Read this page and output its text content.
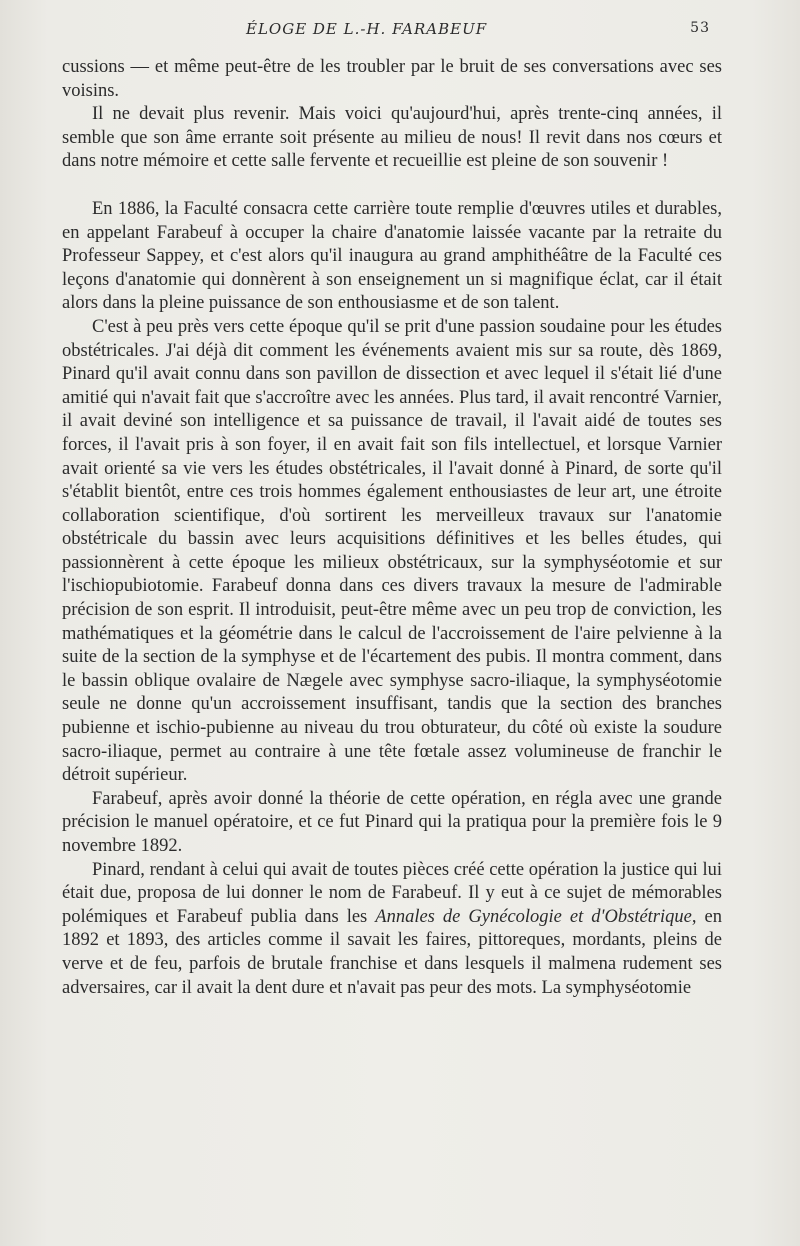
ÉLOGE DE L.-H. FARABEUF	53

cussions — et même peut-être de les troubler par le bruit de ses conversations avec ses voisins.

Il ne devait plus revenir. Mais voici qu'aujourd'hui, après trente-cinq années, il semble que son âme errante soit présente au milieu de nous! Il revit dans nos cœurs et dans notre mémoire et cette salle fervente et recueillie est pleine de son souvenir !

En 1886, la Faculté consacra cette carrière toute remplie d'œuvres utiles et durables, en appelant Farabeuf à occuper la chaire d'anatomie laissée vacante par la retraite du Professeur Sappey, et c'est alors qu'il inaugura au grand amphithéâtre de la Faculté ces leçons d'anatomie qui donnèrent à son enseignement un si magnifique éclat, car il était alors dans la pleine puissance de son enthousiasme et de son talent.

C'est à peu près vers cette époque qu'il se prit d'une passion soudaine pour les études obstétricales. J'ai déjà dit comment les événements avaient mis sur sa route, dès 1869, Pinard qu'il avait connu dans son pavillon de dissection et avec lequel il s'était lié d'une amitié qui n'avait fait que s'accroître avec les années. Plus tard, il avait rencontré Varnier, il avait deviné son intelligence et sa puissance de travail, il l'avait aidé de toutes ses forces, il l'avait pris à son foyer, il en avait fait son fils intellectuel, et lorsque Varnier avait orienté sa vie vers les études obstétricales, il l'avait donné à Pinard, de sorte qu'il s'établit bientôt, entre ces trois hommes également enthousiastes de leur art, une étroite collaboration scientifique, d'où sortirent les merveilleux travaux sur l'anatomie obstétricale du bassin avec leurs acquisitions définitives et les belles études, qui passionnèrent à cette époque les milieux obstétricaux, sur la symphyséotomie et sur l'ischiopubiotomie. Farabeuf donna dans ces divers travaux la mesure de l'admirable précision de son esprit. Il introduisit, peut-être même avec un peu trop de conviction, les mathématiques et la géométrie dans le calcul de l'accroissement de l'aire pelvienne à la suite de la section de la symphyse et de l'écartement des pubis. Il montra comment, dans le bassin oblique ovalaire de Nægele avec symphyse sacro-iliaque, la symphyséotomie seule ne donne qu'un accroissement insuffisant, tandis que la section des branches pubienne et ischio-pubienne au niveau du trou obturateur, du côté où existe la soudure sacro-iliaque, permet au contraire à une tête fœtale assez volumineuse de franchir le détroit supérieur.

Farabeuf, après avoir donné la théorie de cette opération, en régla avec une grande précision le manuel opératoire, et ce fut Pinard qui la pratiqua pour la première fois le 9 novembre 1892.

Pinard, rendant à celui qui avait de toutes pièces créé cette opération la justice qui lui était due, proposa de lui donner le nom de Farabeuf. Il y eut à ce sujet de mémorables polémiques et Farabeuf publia dans les Annales de Gynécologie et d'Obstétrique, en 1892 et 1893, des articles comme il savait les faires, pittoreques, mordants, pleins de verve et de feu, parfois de brutale franchise et dans lesquels il malmena rudement ses adversaires, car il avait la dent dure et n'avait pas peur des mots. La symphyséotomie
